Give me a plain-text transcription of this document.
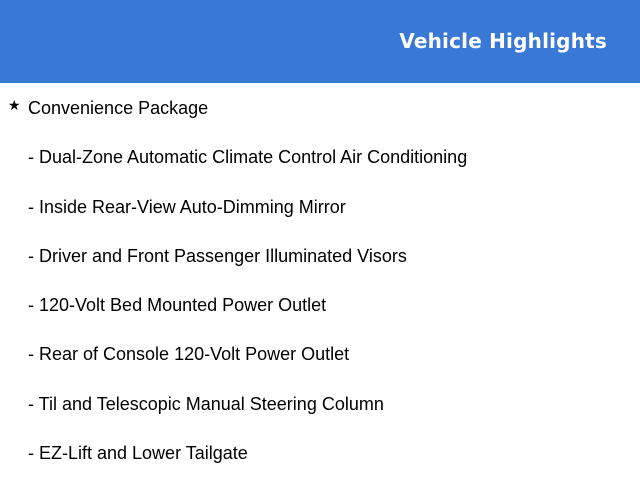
Vehicle Highlights
★ Convenience Package
- Dual-Zone Automatic Climate Control Air Conditioning
- Inside Rear-View Auto-Dimming Mirror
- Driver and Front Passenger Illuminated Visors
- 120-Volt Bed Mounted Power Outlet
- Rear of Console 120-Volt Power Outlet
- Til and Telescopic Manual Steering Column
- EZ-Lift and Lower Tailgate
